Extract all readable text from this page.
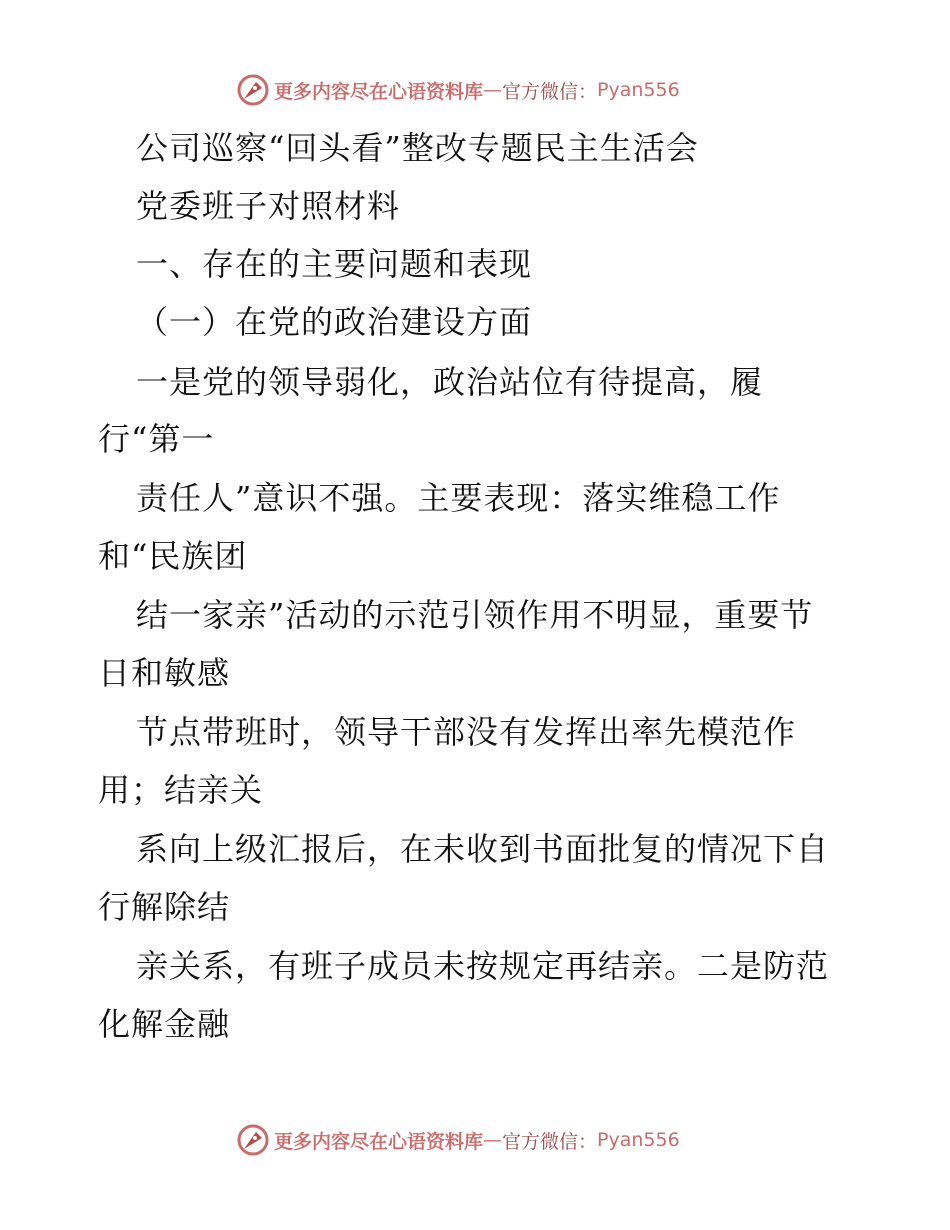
更多内容尽在心语资料库 — 官方微信： Pyan556
公司巡察“回头看”整改专题民主生活会
党委班子对照材料
一、存在的主要问题和表现
（一）在党的政治建设方面
一是党的领导弱化，政治站位有待提高，履
行“第一
责任人”意识不强。主要表现：落实维稳工作
和“民族团
结一家亲”活动的示范引领作用不明显，重要节
日和敏感
节点带班时，领导干部没有发挥出率先模范作
用；结亲关
系向上级汇报后，在未收到书面批复的情况下自
行解除结
亲关系，有班子成员未按规定再结亲。二是防范
化解金融
更多内容尽在心语资料库 — 官方微信： Pyan556
